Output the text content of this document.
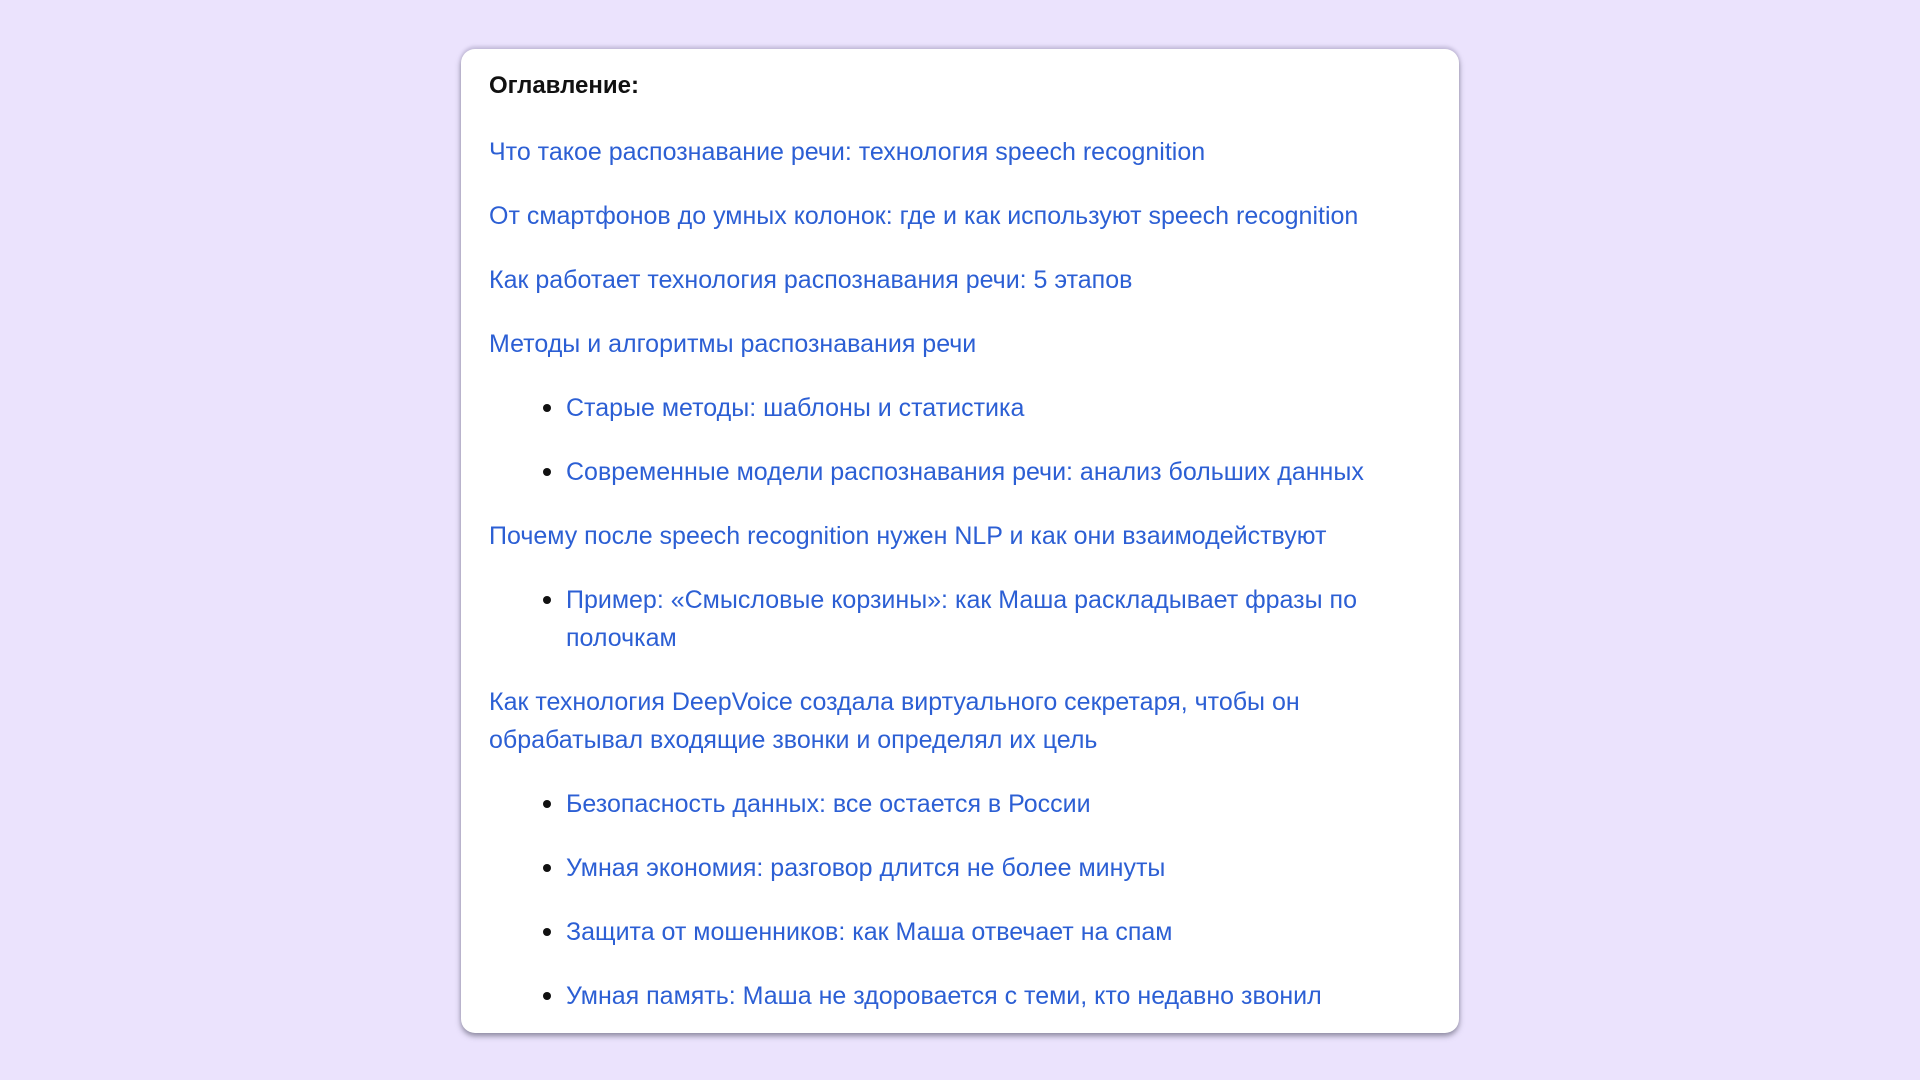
Оглавление:
Что такое распознавание речи: технология speech recognition
От смартфонов до умных колонок: где и как используют speech recognition
Как работает технология распознавания речи: 5 этапов
Методы и алгоритмы распознавания речи
Старые методы: шаблоны и статистика
Современные модели распознавания речи: анализ больших данных
Почему после speech recognition нужен NLP и как они взаимодействуют
Пример: «Смысловые корзины»: как Маша раскладывает фразы по полочкам
Как технология DeepVoice создала виртуального секретаря, чтобы он обрабатывал входящие звонки и определял их цель
Безопасность данных: все остается в России
Умная экономия: разговор длится не более минуты
Защита от мошенников: как Маша отвечает на спам
Умная память: Маша не здоровается с теми, кто недавно звонил
